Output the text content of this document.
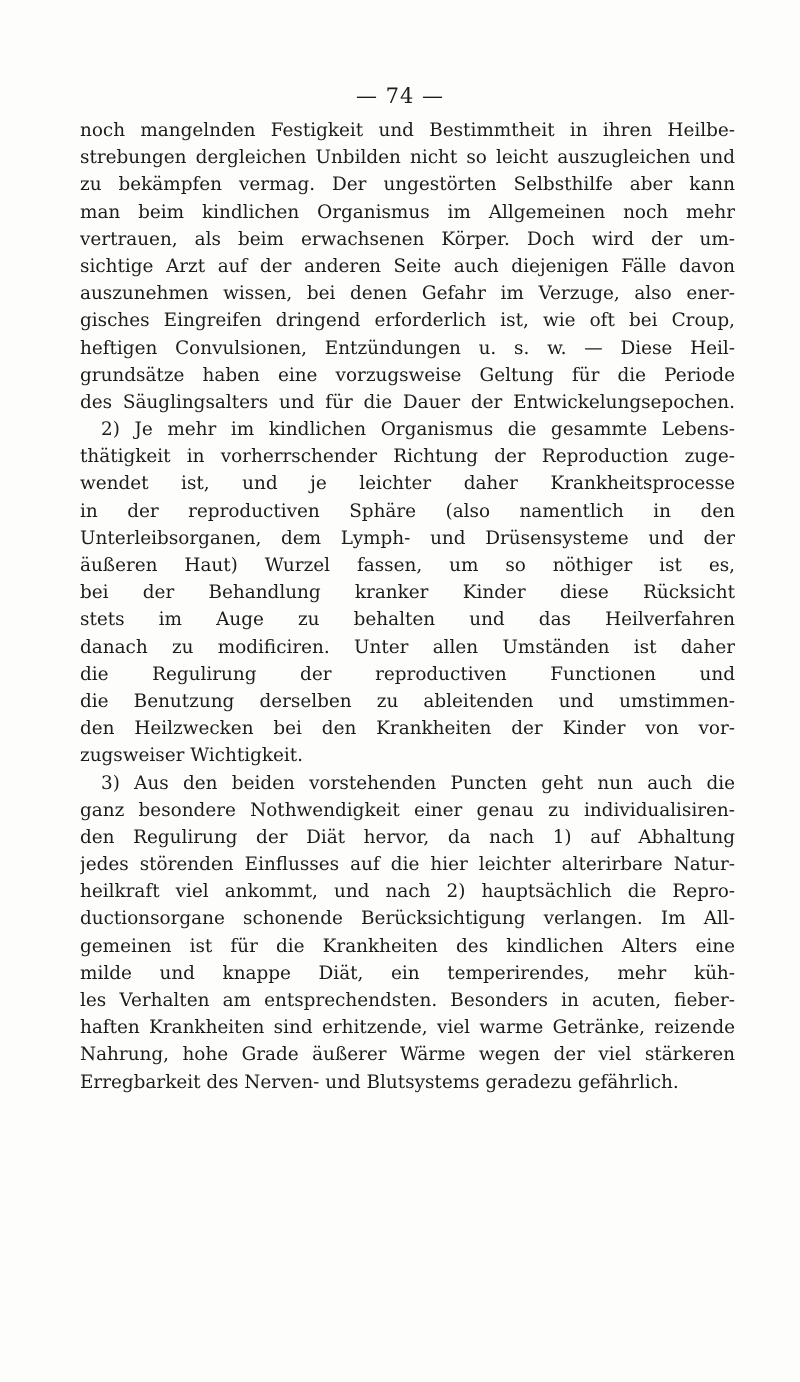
— 74 —
noch mangelnden Festigkeit und Bestimmtheit in ihren Heilbe-
strebungen dergleichen Unbilden nicht so leicht auszugleichen und
zu bekämpfen vermag. Der ungestörten Selbsthilfe aber kann
man beim kindlichen Organismus im Allgemeinen noch mehr
vertrauen, als beim erwachsenen Körper. Doch wird der um-
sichtige Arzt auf der anderen Seite auch diejenigen Fälle davon
auszunehmen wissen, bei denen Gefahr im Verzuge, also ener-
gisches Eingreifen dringend erforderlich ist, wie oft bei Croup,
heftigen Convulsionen, Entzündungen u. s. w. — Diese Heil-
grundsätze haben eine vorzugsweise Geltung für die Periode
des Säuglingsalters und für die Dauer der Entwickelungsepochen.
2) Je mehr im kindlichen Organismus die gesammte Lebens-
thätigkeit in vorherrschender Richtung der Reproduction zuge-
wendet ist, und je leichter daher Krankheitsprocesse
in der reproductiven Sphäre (also namentlich in den
Unterleibsorganen, dem Lymph- und Drüsensysteme und der
äußeren Haut) Wurzel fassen, um so nöthiger ist es,
bei der Behandlung kranker Kinder diese Rücksicht
stets im Auge zu behalten und das Heilverfahren
danach zu modificiren. Unter allen Umständen ist daher
die Regulirung der reproductiven Functionen und
die Benutzung derselben zu ableitenden und umstimmen-
den Heilzwecken bei den Krankheiten der Kinder von vor-
zugsweiser Wichtigkeit.
3) Aus den beiden vorstehenden Puncten geht nun auch die
ganz besondere Nothwendigkeit einer genau zu individualisiren-
den Regulirung der Diät hervor, da nach 1) auf Abhaltung
jedes störenden Einflusses auf die hier leichter alterirbare Natur-
heilkraft viel ankommt, und nach 2) hauptsächlich die Repro-
ductionsorgane schonende Berücksichtigung verlangen. Im All-
gemeinen ist für die Krankheiten des kindlichen Alters eine
milde und knappe Diät, ein temperirendes, mehr küh-
les Verhalten am entsprechendsten. Besonders in acuten, fieber-
haften Krankheiten sind erhitzende, viel warme Getränke, reizende
Nahrung, hohe Grade äußerer Wärme wegen der viel stärkeren
Erregbarkeit des Nerven- und Blutsystems geradezu gefährlich.
